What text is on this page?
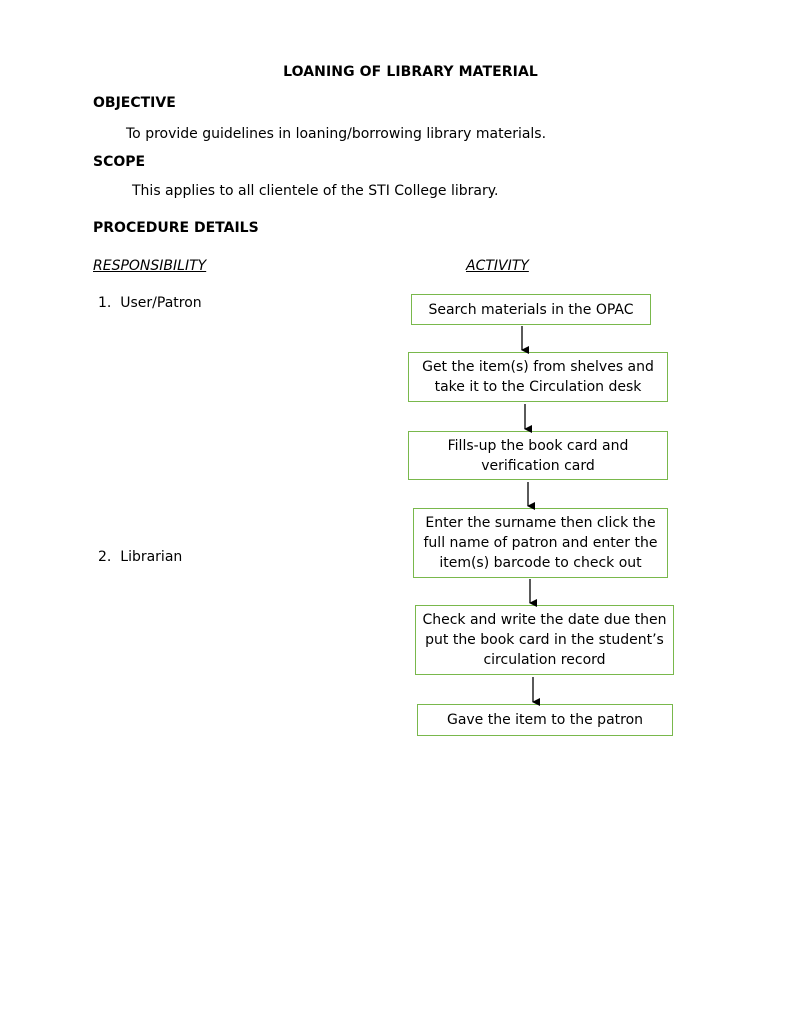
LOANING OF LIBRARY MATERIAL
OBJECTIVE
To provide guidelines in loaning/borrowing library materials.
SCOPE
This applies to all clientele of the STI College library.
PROCEDURE DETAILS
RESPONSIBILITY	ACTIVITY
1. User/Patron
2. Librarian
Search materials in the OPAC
Get the item(s) from shelves and take it to the Circulation desk
Fills-up the book card and verification card
Enter the surname then click the full name of patron and enter the item(s) barcode to check out
Check and write the date due then put the book card in the student’s circulation record
Gave the item to the patron
